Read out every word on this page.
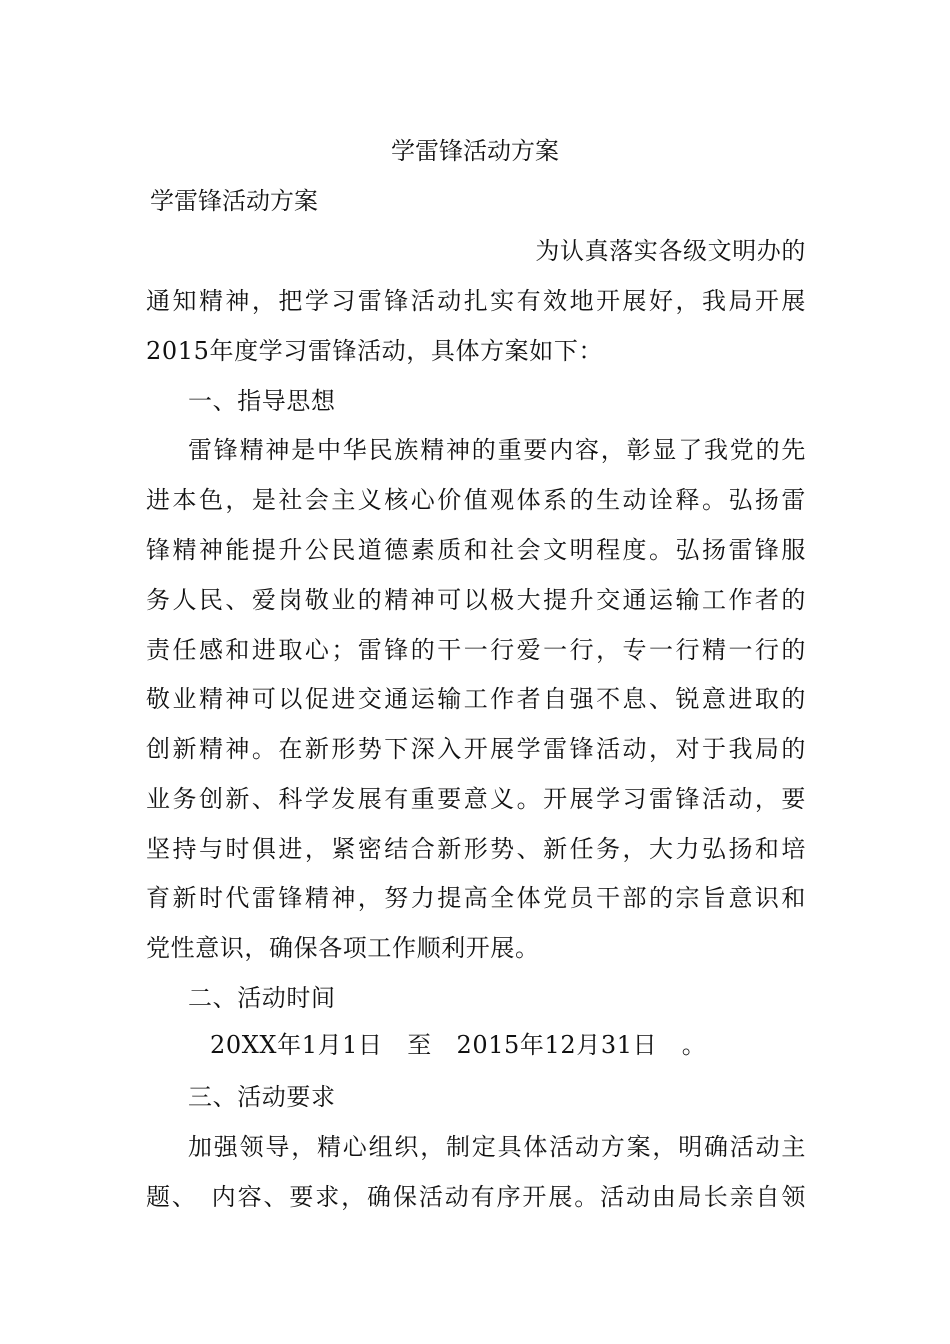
学雷锋活动方案
学雷锋活动方案
为认真落实各级文明办的
通知精神，把学习雷锋活动扎实有效地开展好，我局开展
2015年度学习雷锋活动，具体方案如下：
一、指导思想
雷锋精神是中华民族精神的重要内容，彰显了我党的先
进本色，是社会主义核心价值观体系的生动诠释。弘扬雷
锋精神能提升公民道德素质和社会文明程度。弘扬雷锋服
务人民、爱岗敬业的精神可以极大提升交通运输工作者的
责任感和进取心；雷锋的干一行爱一行，专一行精一行的
敬业精神可以促进交通运输工作者自强不息、锐意进取的
创新精神。在新形势下深入开展学雷锋活动，对于我局的
业务创新、科学发展有重要意义。开展学习雷锋活动，要
坚持与时俱进，紧密结合新形势、新任务，大力弘扬和培
育新时代雷锋精神，努力提高全体党员干部的宗旨意识和
党性意识，确保各项工作顺利开展。
二、活动时间
20XX年1月1日　至　2015年12月31日　。
三、活动要求
加强领导，精心组织，制定具体活动方案，明确活动主
题、　内容、要求，确保活动有序开展。活动由局长亲自领
